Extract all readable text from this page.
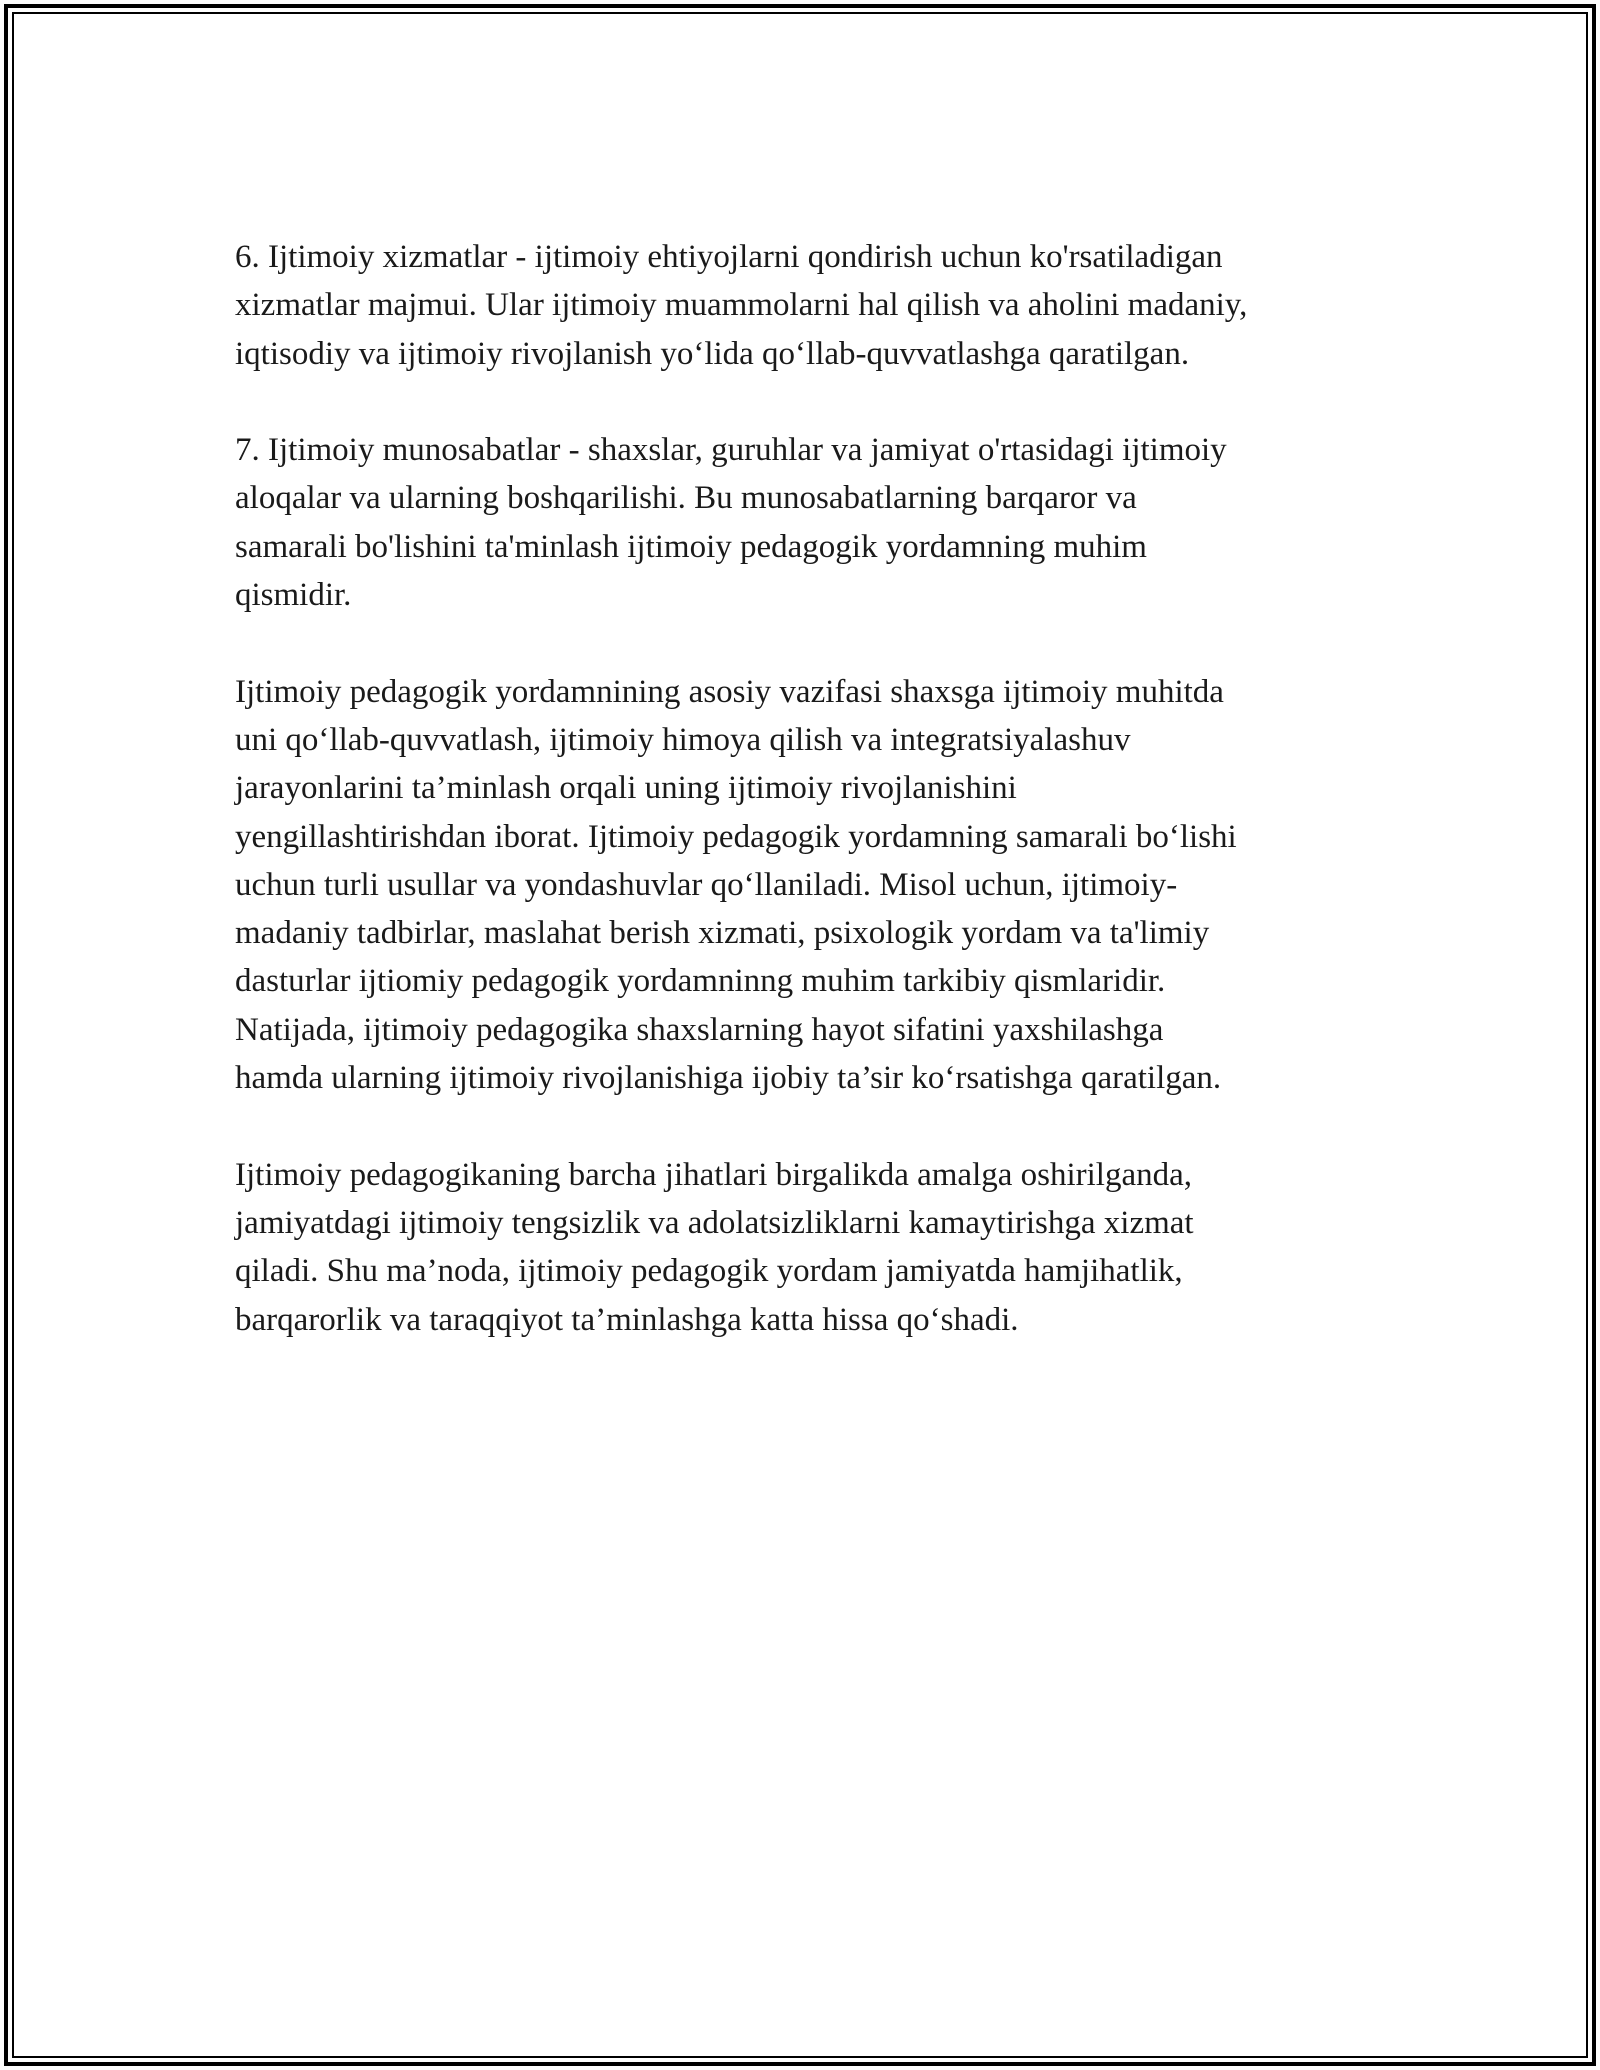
6. Ijtimoiy xizmatlar - ijtimoiy ehtiyojlarni qondirish uchun ko'rsatiladigan
xizmatlar majmui. Ular ijtimoiy muammolarni hal qilish va aholini madaniy,
iqtisodiy va ijtimoiy rivojlanish yo‘lida qo‘llab-quvvatlashga qaratilgan.

7. Ijtimoiy munosabatlar - shaxslar, guruhlar va jamiyat o'rtasidagi ijtimoiy
aloqalar va ularning boshqarilishi. Bu munosabatlarning barqaror va
samarali bo'lishini ta'minlash ijtimoiy pedagogik yordamning muhim
qismidir.

Ijtimoiy pedagogik yordamnining asosiy vazifasi shaxsga ijtimoiy muhitda
uni qo‘llab-quvvatlash, ijtimoiy himoya qilish va integratsiyalashuv
jarayonlarini ta’minlash orqali uning ijtimoiy rivojlanishini
yengillashtirishdan iborat. Ijtimoiy pedagogik yordamning samarali bo‘lishi
uchun turli usullar va yondashuvlar qo‘llaniladi. Misol uchun, ijtimoiy-
madaniy tadbirlar, maslahat berish xizmati, psixologik yordam va ta'limiy
dasturlar ijtiomiy pedagogik yordamninng muhim tarkibiy qismlaridir.
Natijada, ijtimoiy pedagogika shaxslarning hayot sifatini yaxshilashga
hamda ularning ijtimoiy rivojlanishiga ijobiy ta’sir ko‘rsatishga qaratilgan.

Ijtimoiy pedagogikaning barcha jihatlari birgalikda amalga oshirilganda,
jamiyatdagi ijtimoiy tengsizlik va adolatsizliklarni kamaytirishga xizmat
qiladi. Shu ma’noda, ijtimoiy pedagogik yordam jamiyatda hamjihatlik,
barqarorlik va taraqqiyot ta’minlashga katta hissa qo‘shadi.
